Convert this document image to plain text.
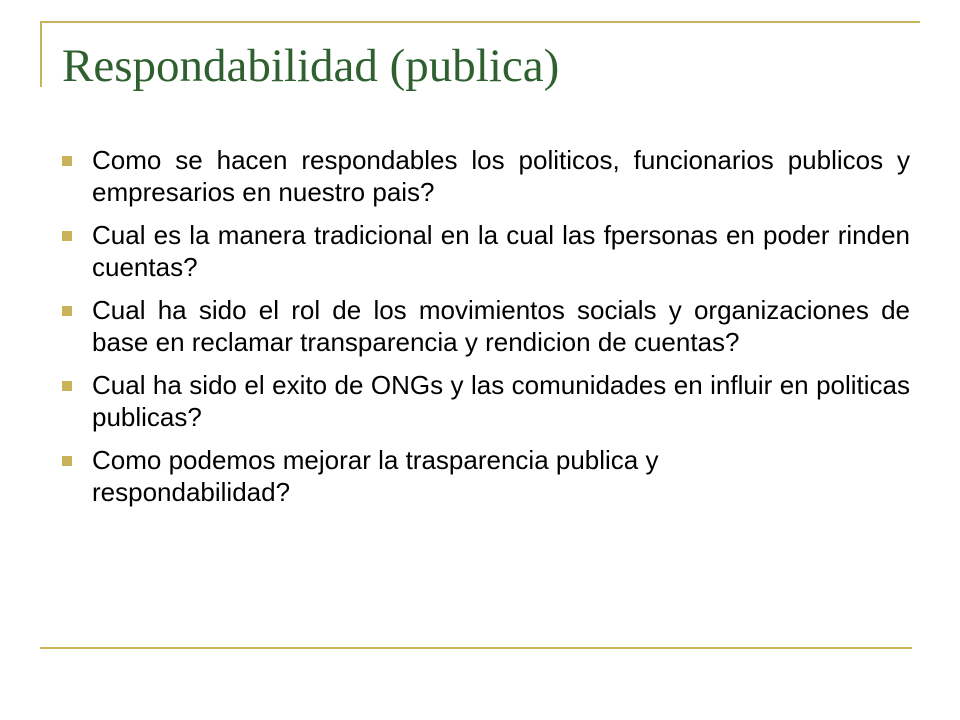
Respondabilidad (publica)
Como se hacen respondables los politicos, funcionarios publicos y empresarios en nuestro pais?
Cual es la manera tradicional en la cual las fpersonas en poder rinden cuentas?
Cual ha sido el rol de los movimientos socials y organizaciones de base en reclamar transparencia y rendicion de cuentas?
Cual ha sido el exito de ONGs y las comunidades en influir en politicas publicas?
Como podemos mejorar la trasparencia publica y respondabilidad?
